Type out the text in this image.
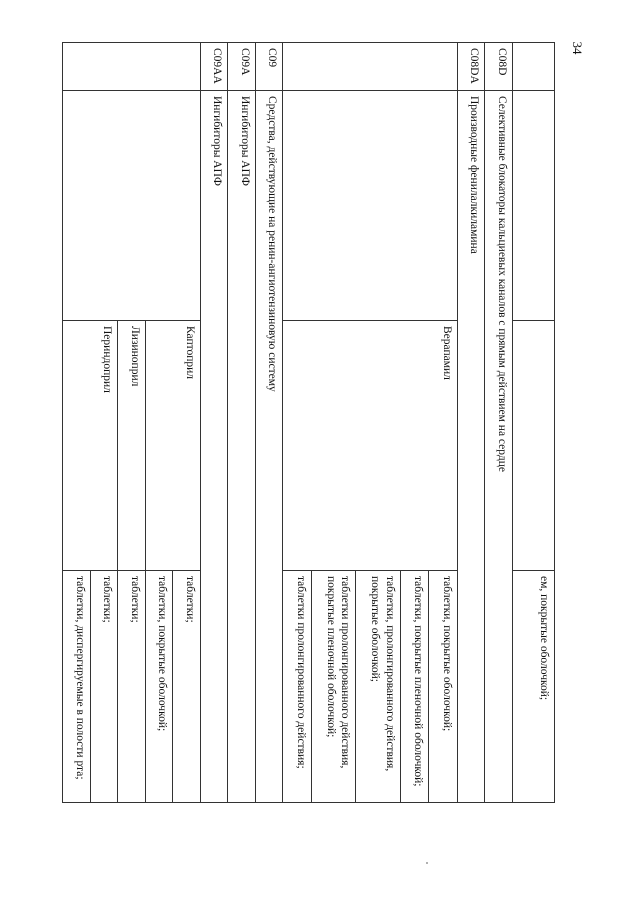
34
			ем, покрытые оболочкой;
C08D	Селективные блокаторы кальциевых каналов с прямым действием на сердце		
C08DA	Производные фенилалкиламина		
		Верапамил	таблетки, покрытые оболочкой;
			таблетки, покрытые пленочной оболочкой;
			таблетки, пролонгированного действия, покрытые оболочкой;
			таблетки пролонгированного действия, покрытые пленочной оболочкой;
			таблетки пролонгированного действия;
C09	Средства, действующие на ренин-ангиотензиновую систему		
C09A	Ингибиторы АПФ		
C09AA	Ингибиторы АПФ		
		Каптоприл	таблетки;
			таблетки, покрытые оболочкой;
		Лизиноприл	таблетки;
		Периндоприл	таблетки;
			таблетки, диспергируемые в полости рта;
